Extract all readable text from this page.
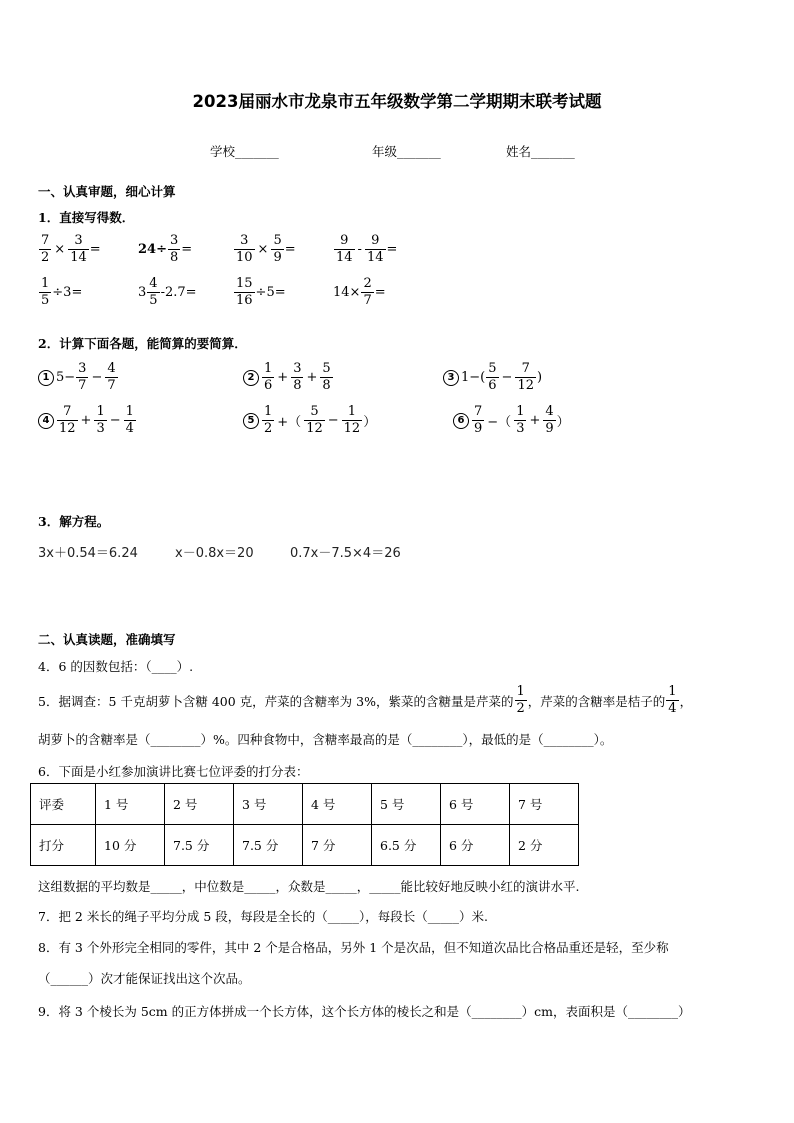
2023届丽水市龙泉市五年级数学第二学期期末联考试题
学校_______	年级_______	姓名_______
一、认真审题，细心计算
1．直接写得数．
$\frac{7}{2} \times \frac{3}{14}$ =	$24\div \frac{3}{8}$ =	$\frac{3}{10} \times \frac{5}{9}$ =	$\frac{9}{14} - \frac{9}{14}$ =
$\frac{1}{5} \div 3=$	$3 \frac{4}{5} -2.7=$	$\frac{15}{16} \div 5=$	$14\times \frac{2}{7}$ =
2．计算下面各题，能简算的要简算．
1 $5- \frac{3}{7} - \frac{4}{7}$	$2 \frac{1}{6} + \frac{3}{8} + \frac{5}{8}$	3 $1-( \frac{5}{6} - \frac{7}{12}$ )
$4 \frac{7}{12} + \frac{1}{3} - \frac{1}{4}$	$5 \frac{1}{2}$ +（ $\frac{5}{12} - \frac{1}{12}$ ）	$6 \frac{7}{9}$ −（ $\frac{1}{3} + \frac{4}{9}$ ）
3．解方程。
3x＋0.54＝6.24	x－0.8x＝20	0.7x－7.5×4＝26
二、认真读题，准确填写
4．6 的因数包括：（____）.
5．据调查：5 千克胡萝卜含糖 400 克，芹菜的含糖率为 3%，紫菜的含糖量是芹菜的 $\frac{1}{2}$ ，芹菜的含糖率是桔子的 $\frac{1}{4}$ ，
胡萝卜的含糖率是（________）%。四种食物中，含糖率最高的是（________），最低的是（________）。
6．下面是小红参加演讲比赛七位评委的打分表：
评委	1 号	2 号	3 号	4 号	5 号	6 号	7 号
打分	10 分	7.5 分	7.5 分	7 分	6.5 分	6 分	2 分
这组数据的平均数是_____，中位数是_____，众数是_____，_____能比较好地反映小红的演讲水平.
7．把 2 米长的绳子平均分成 5 段，每段是全长的（_____），每段长（_____）米.
8．有 3 个外形完全相同的零件，其中 2 个是合格品，另外 1 个是次品，但不知道次品比合格品重还是轻，至少称
（______）次才能保证找出这个次品。
9．将 3 个棱长为 5cm 的正方体拼成一个长方体，这个长方体的棱长之和是（________）cm，表面积是（________）
